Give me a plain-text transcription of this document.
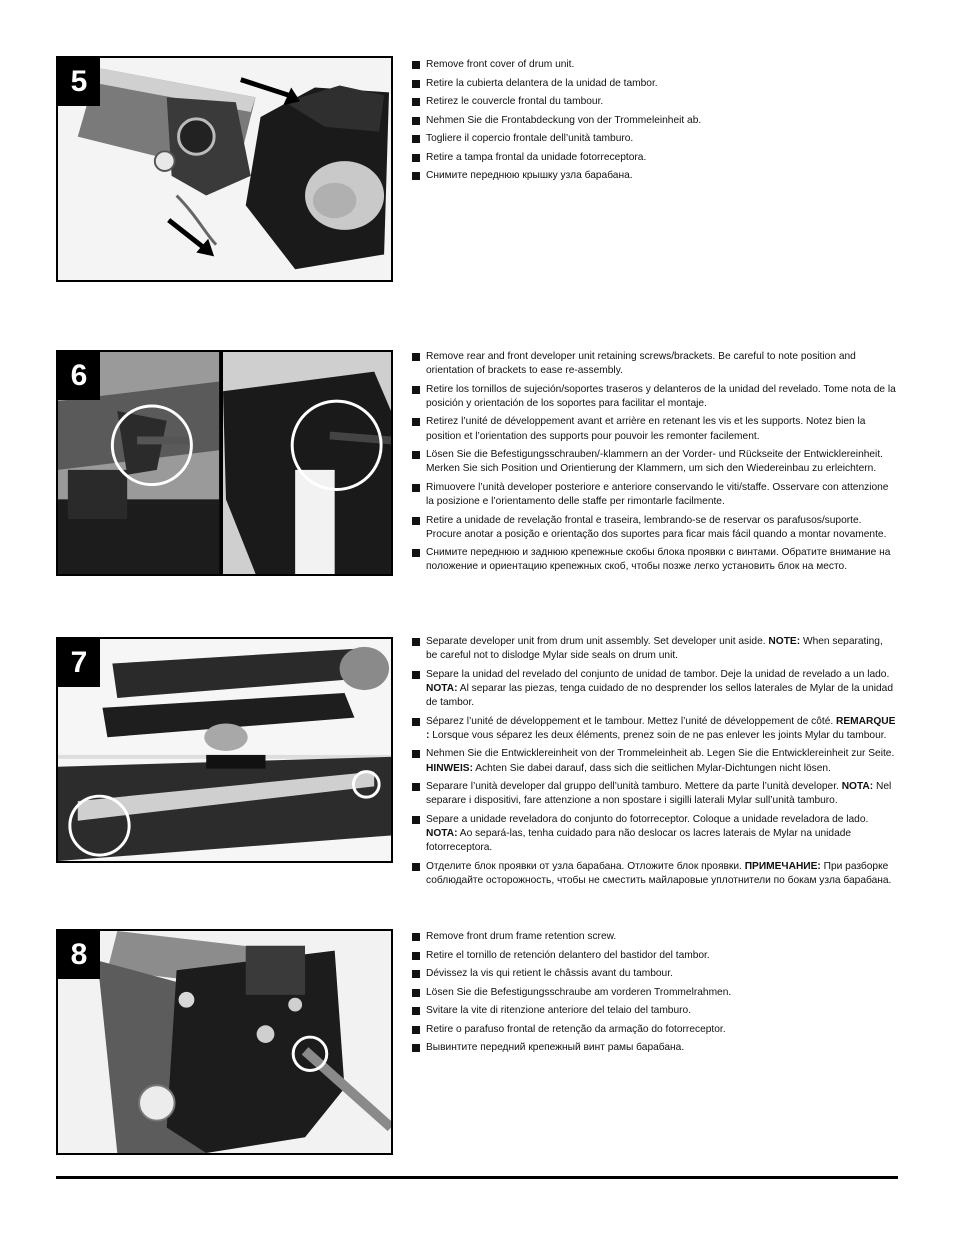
5
Remove front cover of drum unit.
Retire la cubierta delantera de la unidad de tambor.
Retirez le couvercle frontal du tambour.
Nehmen Sie die Frontabdeckung von der Trommeleinheit ab.
Togliere il copercio frontale dell’unità tamburo.
Retire a tampa frontal da unidade fotorreceptora.
Снимите переднюю крышку узла барабана.
6
Remove rear and front developer unit retaining screws/brackets. Be careful to note position and orientation of brackets to ease re-assembly.
Retire los tornillos de sujeción/soportes traseros y delanteros de la unidad del revelado. Tome nota de la posición y orientación de los soportes para facilitar el montaje.
Retirez l’unité de développement avant et arrière en retenant les vis et les supports. Notez bien la position et l’orientation des supports pour pouvoir les remonter facilement.
Lösen Sie die Befestigungsschrauben/-klammern an der Vorder- und Rückseite der Entwicklereinheit. Merken Sie sich Position und Orientierung der Klammern, um sich den Wiedereinbau zu erleichtern.
Rimuovere l’unità developer posteriore e anteriore conservando le viti/staffe. Osservare con attenzione la posizione e l’orientamento delle staffe per rimontarle facilmente.
Retire a unidade de revelação frontal e traseira, lembrando-se de reservar os parafusos/suporte. Procure anotar a posição e orientação dos suportes para ficar mais fácil quando a montar novamente.
Снимите переднюю и заднюю крепежные скобы блока проявки с винтами. Обратите внимание на положение и ориентацию крепежных скоб, чтобы позже легко установить блок на место.
7
Separate developer unit from drum unit assembly. Set developer unit aside. NOTE: When separating, be careful not to dislodge Mylar side seals on drum unit.
Separe la unidad del revelado del conjunto de unidad de tambor. Deje la unidad de revelado a un lado. NOTA: Al separar las piezas, tenga cuidado de no desprender los sellos laterales de Mylar de la unidad de tambor.
Séparez l’unité de développement et le tambour. Mettez l’unité de développement de côté. REMARQUE : Lorsque vous séparez les deux éléments, prenez soin de ne pas enlever les joints Mylar du tambour.
Nehmen Sie die Entwicklereinheit von der Trommeleinheit ab. Legen Sie die Entwicklereinheit zur Seite. HINWEIS: Achten Sie dabei darauf, dass sich die seitlichen Mylar-Dichtungen nicht lösen.
Separare l’unità developer dal gruppo dell’unità tamburo. Mettere da parte l’unità developer. NOTA: Nel separare i dispositivi, fare attenzione a non spostare i sigilli laterali Mylar sull’unità tamburo.
Separe a unidade reveladora do conjunto do fotorreceptor. Coloque a unidade reveladora de lado. NOTA: Ao separá-las, tenha cuidado para não deslocar os lacres laterais de Mylar na unidade fotorreceptora.
Отделите блок проявки от узла барабана. Отложите блок проявки. ПРИМЕЧАНИЕ: При разборке соблюдайте осторожность, чтобы не сместить майларовые уплотнители по бокам узла барабана.
8
Remove front drum frame retention screw.
Retire el tornillo de retención delantero del bastidor del tambor.
Dévissez la vis qui retient le châssis avant du tambour.
Lösen Sie die Befestigungsschraube am vorderen Trommelrahmen.
Svitare la vite di ritenzione anteriore del telaio del tamburo.
Retire o parafuso frontal de retenção da armação do fotorreceptor.
Вывинтите передний крепежный винт рамы барабана.
